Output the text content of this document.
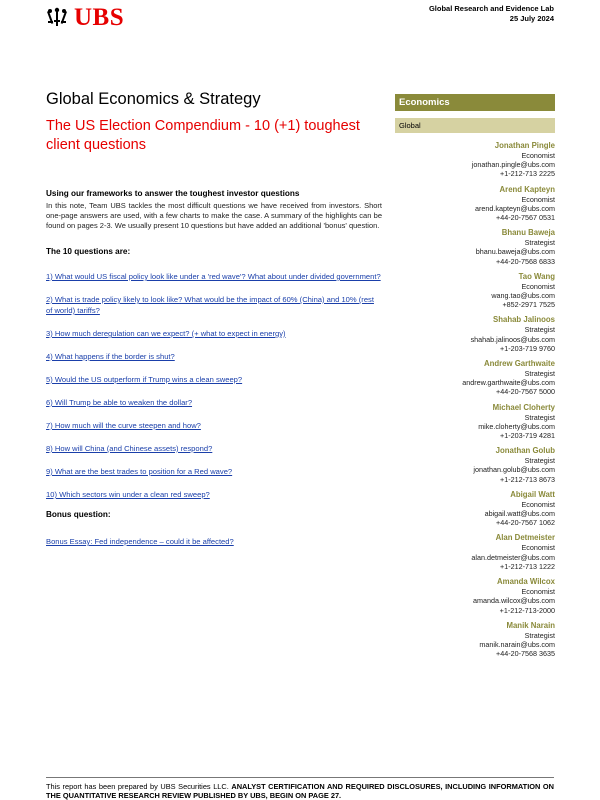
UBS	Global Research and Evidence Lab
25 July 2024
Global Economics & Strategy
The US Election Compendium - 10 (+1) toughest client questions
Using our frameworks to answer the toughest investor questions
In this note, Team UBS tackles the most difficult questions we have received from investors. Short one-page answers are used, with a few charts to make the case. A summary of the highlights can be found on pages 2-3. We usually present 10 questions but have added an additional 'bonus' question.
The 10 questions are:
1) What would US fiscal policy look like under a 'red wave'? What about under divided government?
2) What is trade policy likely to look like? What would be the impact of 60% (China) and 10% (rest of world) tariffs?
3) How much deregulation can we expect? (+ what to expect in energy)
4) What happens if the border is shut?
5) Would the US outperform if Trump wins a clean sweep?
6) Will Trump be able to weaken the dollar?
7) How much will the curve steepen and how?
8) How will China (and Chinese assets) respond?
9) What are the best trades to position for a Red wave?
10) Which sectors win under a clean red sweep?
Bonus question:
Bonus Essay: Fed independence – could it be affected?
Economics
Global
Jonathan Pingle
Economist
jonathan.pingle@ubs.com
+1-212-713 2225
Arend Kapteyn
Economist
arend.kapteyn@ubs.com
+44-20-7567 0531
Bhanu Baweja
Strategist
bhanu.baweja@ubs.com
+44-20-7568 6833
Tao Wang
Economist
wang.tao@ubs.com
+852-2971 7525
Shahab Jalinoos
Strategist
shahab.jalinoos@ubs.com
+1-203-719 9760
Andrew Garthwaite
Strategist
andrew.garthwaite@ubs.com
+44-20-7567 5000
Michael Cloherty
Strategist
mike.cloherty@ubs.com
+1-203-719 4281
Jonathan Golub
Strategist
jonathan.golub@ubs.com
+1-212-713 8673
Abigail Watt
Economist
abigail.watt@ubs.com
+44-20-7567 1062
Alan Detmeister
Economist
alan.detmeister@ubs.com
+1-212-713 1222
Amanda Wilcox
Economist
amanda.wilcox@ubs.com
+1-212-713-2000
Manik Narain
Strategist
manik.narain@ubs.com
+44-20-7568 3635
This report has been prepared by UBS Securities LLC. ANALYST CERTIFICATION AND REQUIRED DISCLOSURES, INCLUDING INFORMATION ON THE QUANTITATIVE RESEARCH REVIEW PUBLISHED BY UBS, BEGIN ON PAGE 27.
